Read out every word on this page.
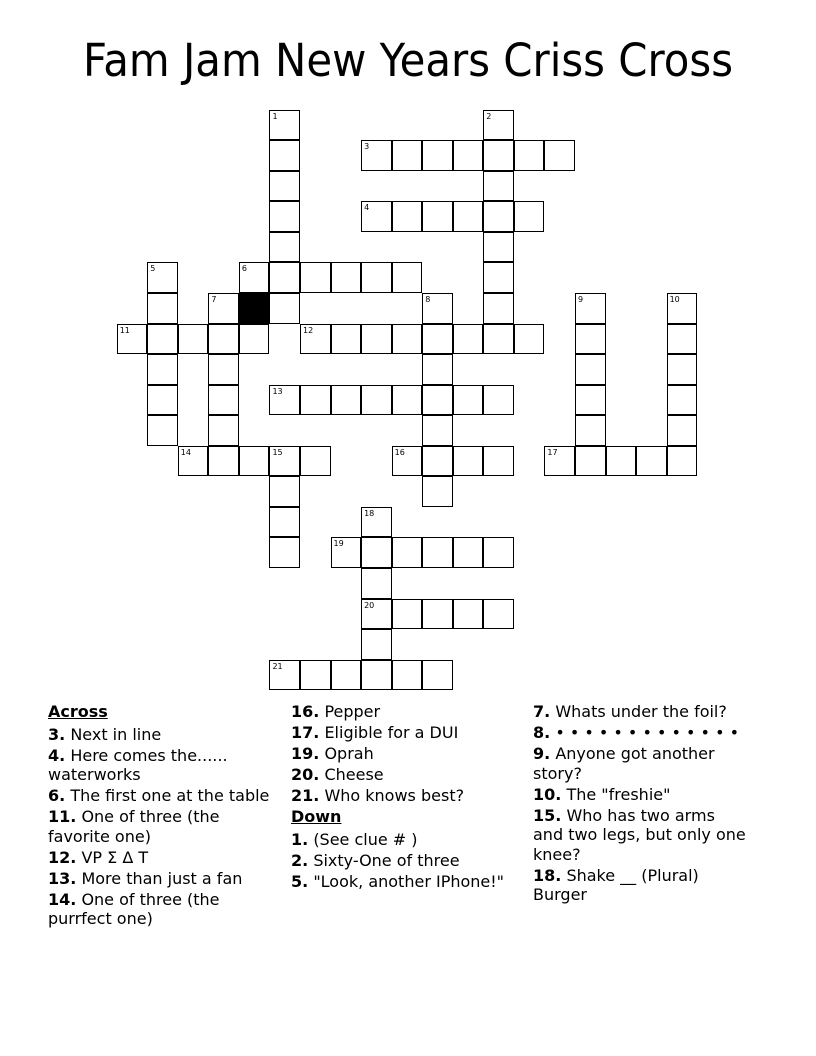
Fam Jam New Years Criss Cross
1	2
3
4
5	6
7	8	9	10
11	12
13
14	15	16	17
18
20
19
21
Across
3. Next in line
4. Here comes the...... waterworks
6. The first one at the table
11. One of three (the favorite one)
12. VP Σ Δ T
13. More than just a fan
14. One of three (the purrfect one)
16. Pepper
17. Eligible for a DUI
19. Oprah
20. Cheese
21. Who knows best?
Down
1. (See clue # )
2. Sixty-One of three
5. "Look, another IPhone!"
7. Whats under the foil?
8. • • • • • • • • • • • • •
9. Anyone got another story?
10. The "freshie"
15. Who has two arms and two legs, but only one knee?
18. Shake __ (Plural) Burger
